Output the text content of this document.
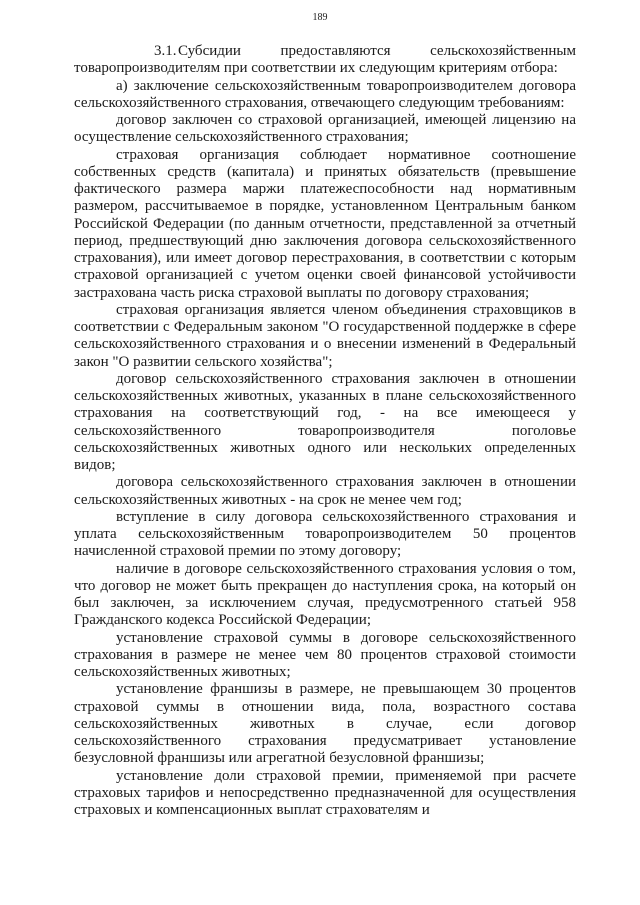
189

3.1. Субсидии предоставляются сельскохозяйственным товаропроизводителям при соответствии их следующим критериям отбора:

а) заключение сельскохозяйственным товаропроизводителем договора сельскохозяйственного страхования, отвечающего следующим требованиям:

договор заключен со страховой организацией, имеющей лицензию на осуществление сельскохозяйственного страхования;

страховая организация соблюдает нормативное соотношение собственных средств (капитала) и принятых обязательств (превышение фактического размера маржи платежеспособности над нормативным размером, рассчитываемое в порядке, установленном Центральным банком Российской Федерации (по данным отчетности, представленной за отчетный период, предшествующий дню заключения договора сельскохозяйственного страхования), или имеет договор перестрахования, в соответствии с которым страховой организацией с учетом оценки своей финансовой устойчивости застрахована часть риска страховой выплаты по договору страхования;

страховая организация является членом объединения страховщиков в соответствии с Федеральным законом "О государственной поддержке в сфере сельскохозяйственного страхования и о внесении изменений в Федеральный закон "О развитии сельского хозяйства";

договор сельскохозяйственного страхования заключен в отношении сельскохозяйственных животных, указанных в плане сельскохозяйственного страхования на соответствующий год, - на все имеющееся у сельскохозяйственного товаропроизводителя поголовье сельскохозяйственных животных одного или нескольких определенных видов;

договора сельскохозяйственного страхования заключен в отношении сельскохозяйственных животных - на срок не менее чем год;

вступление в силу договора сельскохозяйственного страхования и уплата сельскохозяйственным товаропроизводителем 50 процентов начисленной страховой премии по этому договору;

наличие в договоре сельскохозяйственного страхования условия о том, что договор не может быть прекращен до наступления срока, на который он был заключен, за исключением случая, предусмотренного статьей 958 Гражданского кодекса Российской Федерации;

установление страховой суммы в договоре сельскохозяйственного страхования в размере не менее чем 80 процентов страховой стоимости сельскохозяйственных животных;

установление франшизы в размере, не превышающем 30 процентов страховой суммы в отношении вида, пола, возрастного состава сельскохозяйственных животных в случае, если договор сельскохозяйственного страхования предусматривает установление безусловной франшизы или агрегатной безусловной франшизы;

установление доли страховой премии, применяемой при расчете страховых тарифов и непосредственно предназначенной для осуществления страховых и компенсационных выплат страхователям и
